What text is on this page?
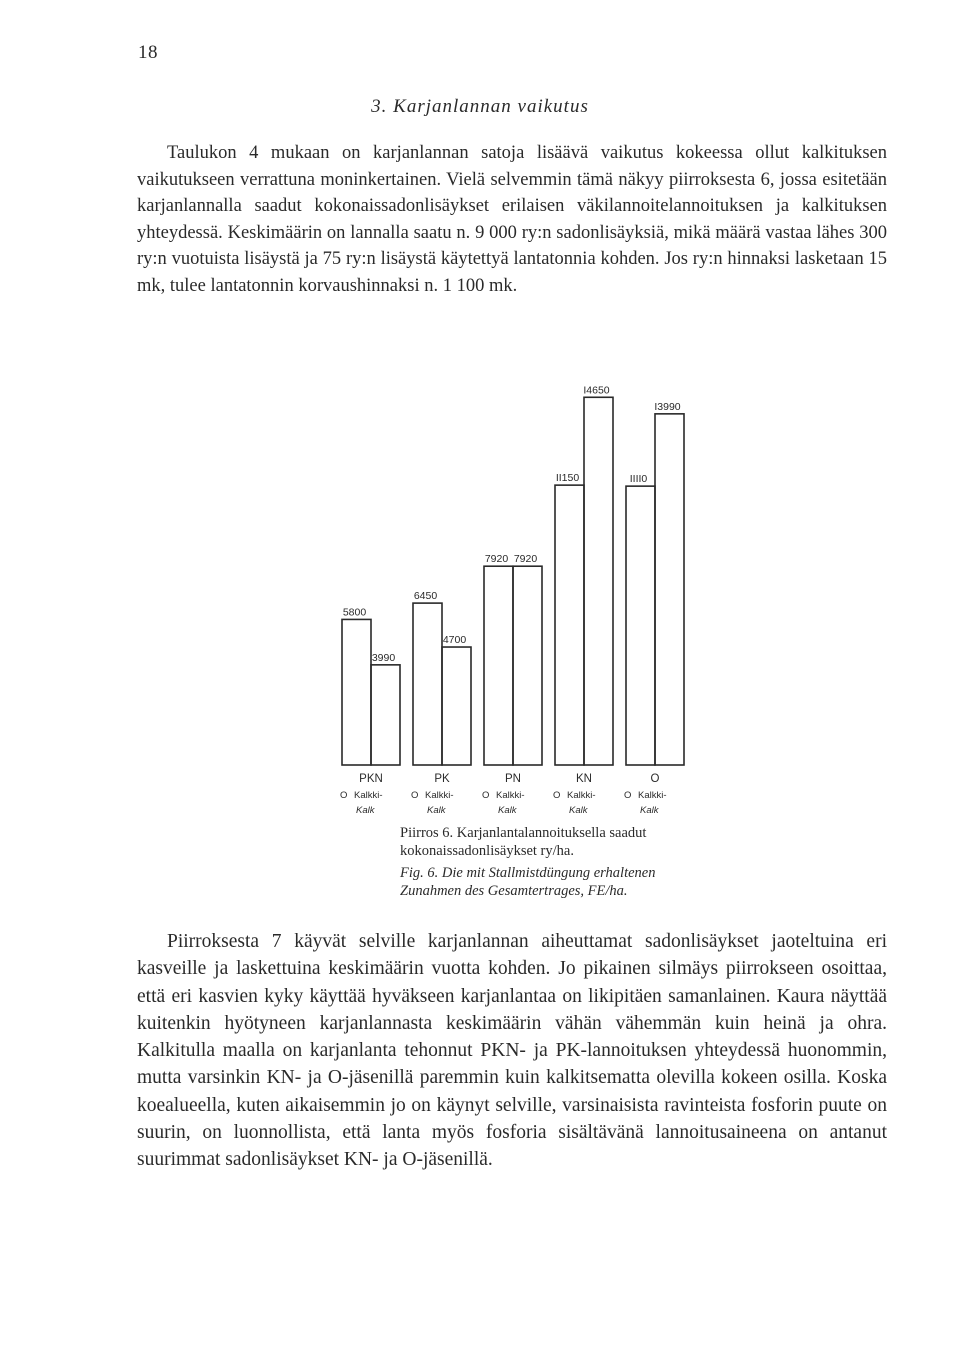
18
3. Karjanlannan vaikutus

Taulukon 4 mukaan on karjanlannan satoja lisäävä vaikutus kokeessa ollut kalkituksen vaikutukseen verrattuna moninkertainen. Vielä selvemmin tämä näkyy piirroksesta 6, jossa esitetään karjanlannalla saadut kokonaissadonlisäykset erilaisen väkilannoitelannoituksen ja kalkituksen yhteydessä. Keskimäärin on lannalla saatu n. 9 000 ry:n sadonlisäyksiä, mikä määrä vastaa lähes 300 ry:n vuotuista lisäystä ja 75 ry:n lisäystä käytettyä lantatonnia kohden. Jos ry:n hinnaksi lasketaan 15 mk, tulee lantatonnin korvaushinnaksi n. 1 100 mk.

5800
3990
PKN
O Kalkki-
Kalk
6450
4700
PK
O Kalkki-
Kalk
7920 7920
PN
O Kalkki-
Kalk
II150
I4650
KN
O Kalkki-
Kalk
IIII0
I3990
O
O Kalkki-
Kalk
Piirros 6. Karjanlantalannoituksella saadut
kokonaissadonlisäykset ry/ha.
Fig. 6. Die mit Stallmistdüngung erhaltenen
Zunahmen des Gesamtertrages, FE/ha.

Piirroksesta 7 käyvät selville karjanlannan aiheuttamat sadonlisäykset jaoteltuina eri kasveille ja laskettuina keskimäärin vuotta kohden. Jo pikainen silmäys piirrokseen osoittaa, että eri kasvien kyky käyttää hyväkseen karjanlantaa on likipitäen samanlainen. Kaura näyttää kuitenkin hyötyneen karjanlannasta keskimäärin vähän vähemmän kuin heinä ja ohra. Kalkitulla maalla on karjanlanta tehonnut PKN- ja PK-lannoituksen yhteydessä huonommin, mutta varsinkin KN- ja O-jäsenillä paremmin kuin kalkitsematta olevilla kokeen osilla. Koska koealueella, kuten aikaisemmin jo on käynyt selville, varsinaisista ravinteista fosforin puute on suurin, on luonnollista, että lanta myös fosforia sisältävänä lannoitusaineena on antanut suurimmat sadonlisäykset KN- ja O-jäsenillä.
